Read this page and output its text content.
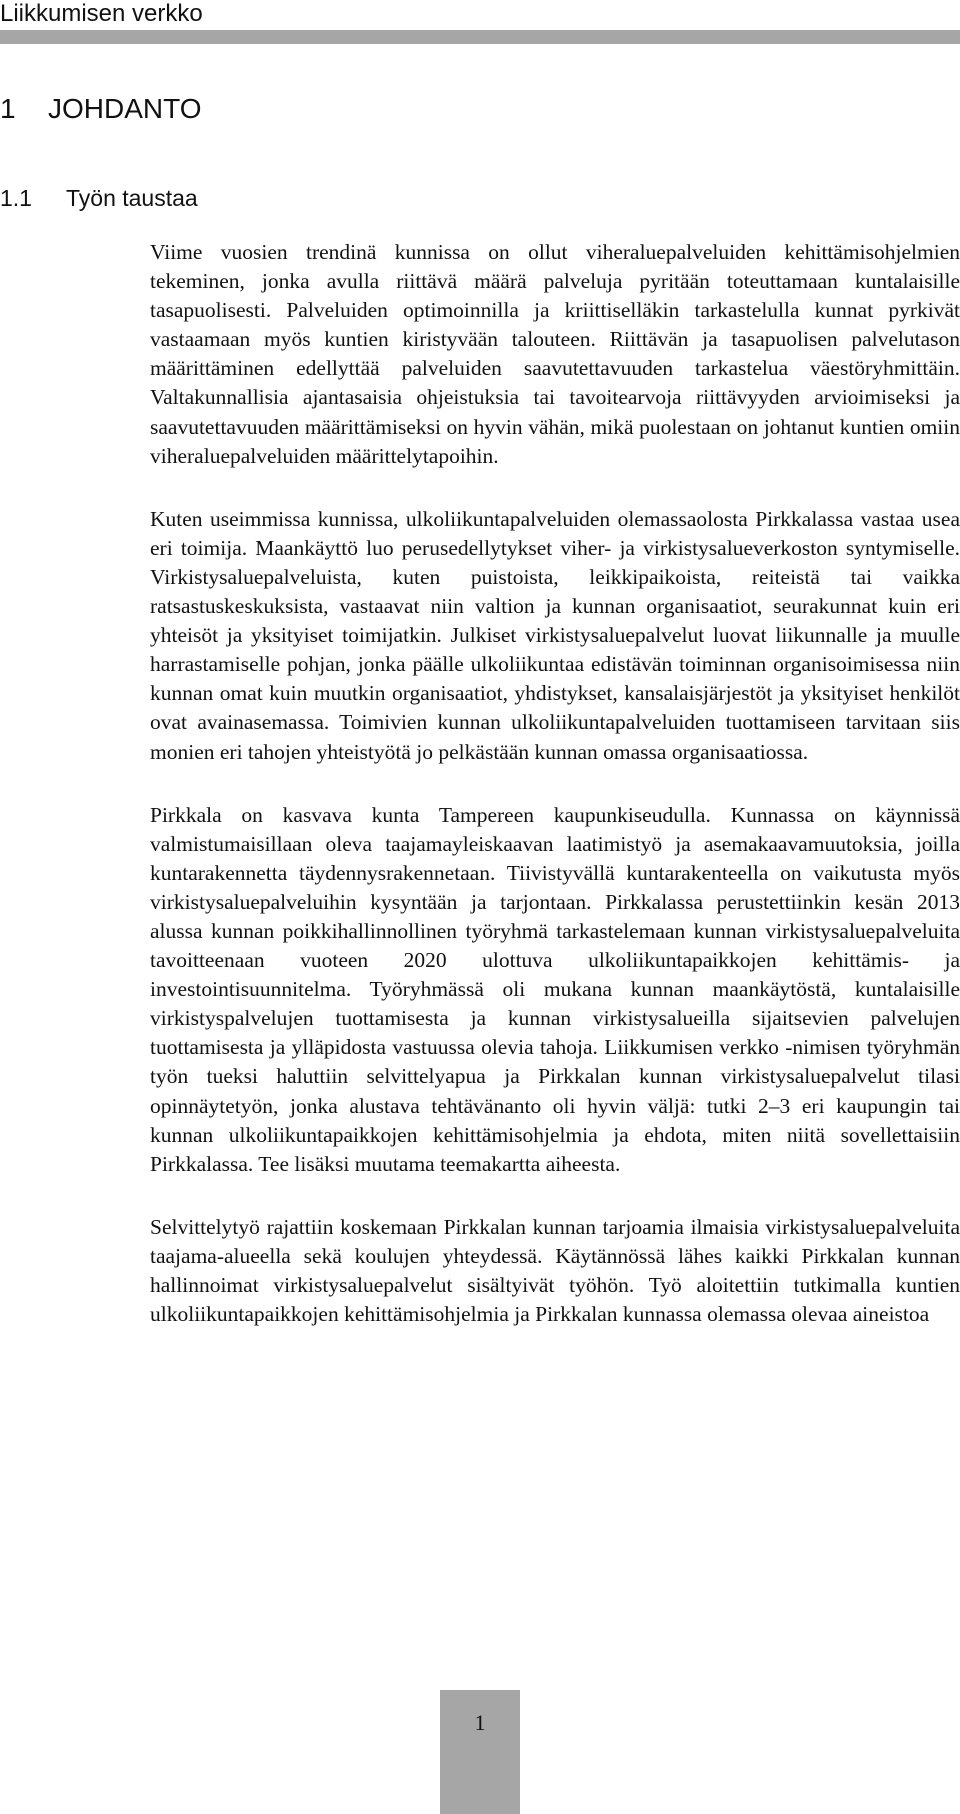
Liikkumisen verkko
1 JOHDANTO
1.1 Työn taustaa

Viime vuosien trendinä kunnissa on ollut viheraluepalveluiden kehittämisohjelmien tekeminen, jonka avulla riittävä määrä palveluja pyritään toteuttamaan kuntalaisille tasapuolisesti. Palveluiden optimoinnilla ja kriittiselläkin tarkastelulla kunnat pyrkivät vastaamaan myös kuntien kiristyvään talouteen. Riittävän ja tasapuolisen palvelutason määrittäminen edellyttää palveluiden saavutettavuuden tarkastelua väestöryhmittäin. Valtakunnallisia ajantasaisia ohjeistuksia tai tavoitearvoja riittävyyden arvioimiseksi ja saavutettavuuden määrittämiseksi on hyvin vähän, mikä puolestaan on johtanut kuntien omiin viheraluepalveluiden määrittelytapoihin.

Kuten useimmissa kunnissa, ulkoliikuntapalveluiden olemassaolosta Pirkkalassa vastaa usea eri toimija. Maankäyttö luo perusedellytykset viher- ja virkistysalueverkoston syntymiselle. Virkistysaluepalveluista, kuten puistoista, leikkipaikoista, reiteistä tai vaikka ratsastuskeskuksista, vastaavat niin valtion ja kunnan organisaatiot, seurakunnat kuin eri yhteisöt ja yksityiset toimijatkin. Julkiset virkistysaluepalvelut luovat liikunnalle ja muulle harrastamiselle pohjan, jonka päälle ulkoliikuntaa edistävän toiminnan organisoimisessa niin kunnan omat kuin muutkin organisaatiot, yhdistykset, kansalaisjärjestöt ja yksityiset henkilöt ovat avainasemassa. Toimivien kunnan ulkoliikuntapalveluiden tuottamiseen tarvitaan siis monien eri tahojen yhteistyötä jo pelkästään kunnan omassa organisaatiossa.

Pirkkala on kasvava kunta Tampereen kaupunkiseudulla. Kunnassa on käynnissä valmistumaisillaan oleva taajamayleiskaavan laatimistyö ja asemakaavamuutoksia, joilla kuntarakennetta täydennysrakennetaan. Tiivistyvällä kuntarakenteella on vaikutusta myös virkistysaluepalveluihin kysyntään ja tarjontaan. Pirkkalassa perustettiinkin kesän 2013 alussa kunnan poikkihallinnollinen työryhmä tarkastelemaan kunnan virkistysaluepalveluita tavoitteenaan vuoteen 2020 ulottuva ulkoliikuntapaikkojen kehittämis- ja investointisuunnitelma. Työryhmässä oli mukana kunnan maankäytöstä, kuntalaisille virkistyspalvelujen tuottamisesta ja kunnan virkistysalueilla sijaitsevien palvelujen tuottamisesta ja ylläpidosta vastuussa olevia tahoja. Liikkumisen verkko -nimisen työryhmän työn tueksi haluttiin selvittelyapua ja Pirkkalan kunnan virkistysaluepalvelut tilasi opinnäytetyön, jonka alustava tehtävänanto oli hyvin väljä: tutki 2–3 eri kaupungin tai kunnan ulkoliikuntapaikkojen kehittämisohjelmia ja ehdota, miten niitä sovellettaisiin Pirkkalassa. Tee lisäksi muutama teemakartta aiheesta.

Selvittelytyö rajattiin koskemaan Pirkkalan kunnan tarjoamia ilmaisia virkistysaluepalveluita taajama-alueella sekä koulujen yhteydessä. Käytännössä lähes kaikki Pirkkalan kunnan hallinnoimat virkistysaluepalvelut sisältyivät työhön. Työ aloitettiin tutkimalla kuntien ulkoliikuntapaikkojen kehittämisohjelmia ja Pirkkalan kunnassa olemassa olevaa aineistoa

1
